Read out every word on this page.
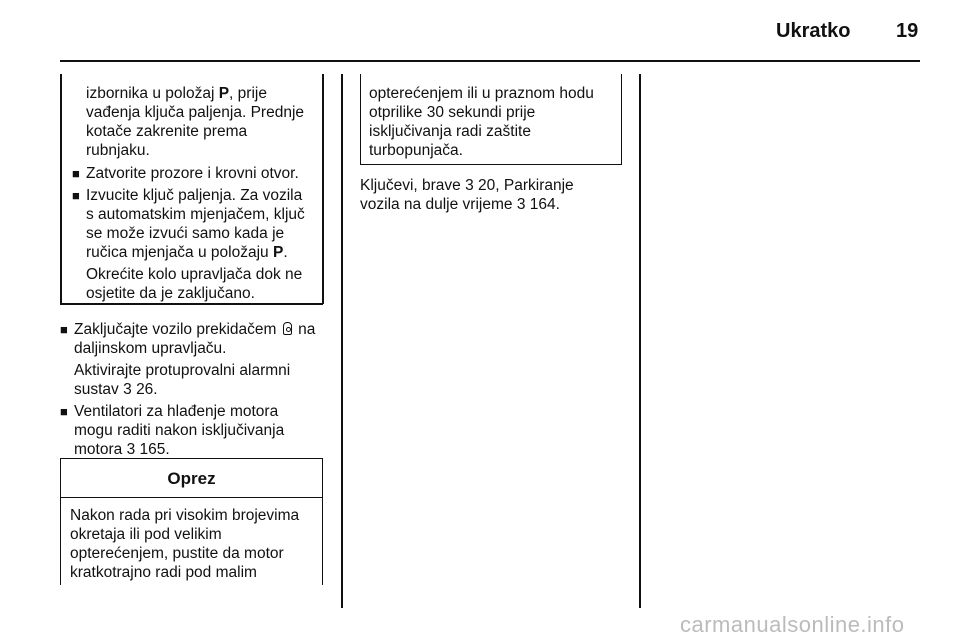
Ukratko 19
izbornika u položaj P, prije
vađenja ključa paljenja. Prednje
kotače zakrenite prema
rubnjaku.
■ Zatvorite prozore i krovni otvor.
■ Izvucite ključ paljenja. Za vozila
s automatskim mjenjačem, ključ
se može izvući samo kada je
ručica mjenjača u položaju P.
Okrećite kolo upravljača dok ne
osjetite da je zaključano.
■ Zaključajte vozilo prekidačem na
daljinskom upravljaču.
Aktivirajte protuprovalni alarmni
sustav 3 26.
■ Ventilatori za hlađenje motora
mogu raditi nakon isključivanja
motora 3 165.
Oprez
Nakon rada pri visokim brojevima
okretaja ili pod velikim
opterećenjem, pustite da motor
kratkotrajno radi pod malim
opterećenjem ili u praznom hodu
otprilike 30 sekundi prije
isključivanja radi zaštite
turbopunjača.
Ključevi, brave 3 20, Parkiranje
vozila na dulje vrijeme 3 164.
carmanualsonline.info
